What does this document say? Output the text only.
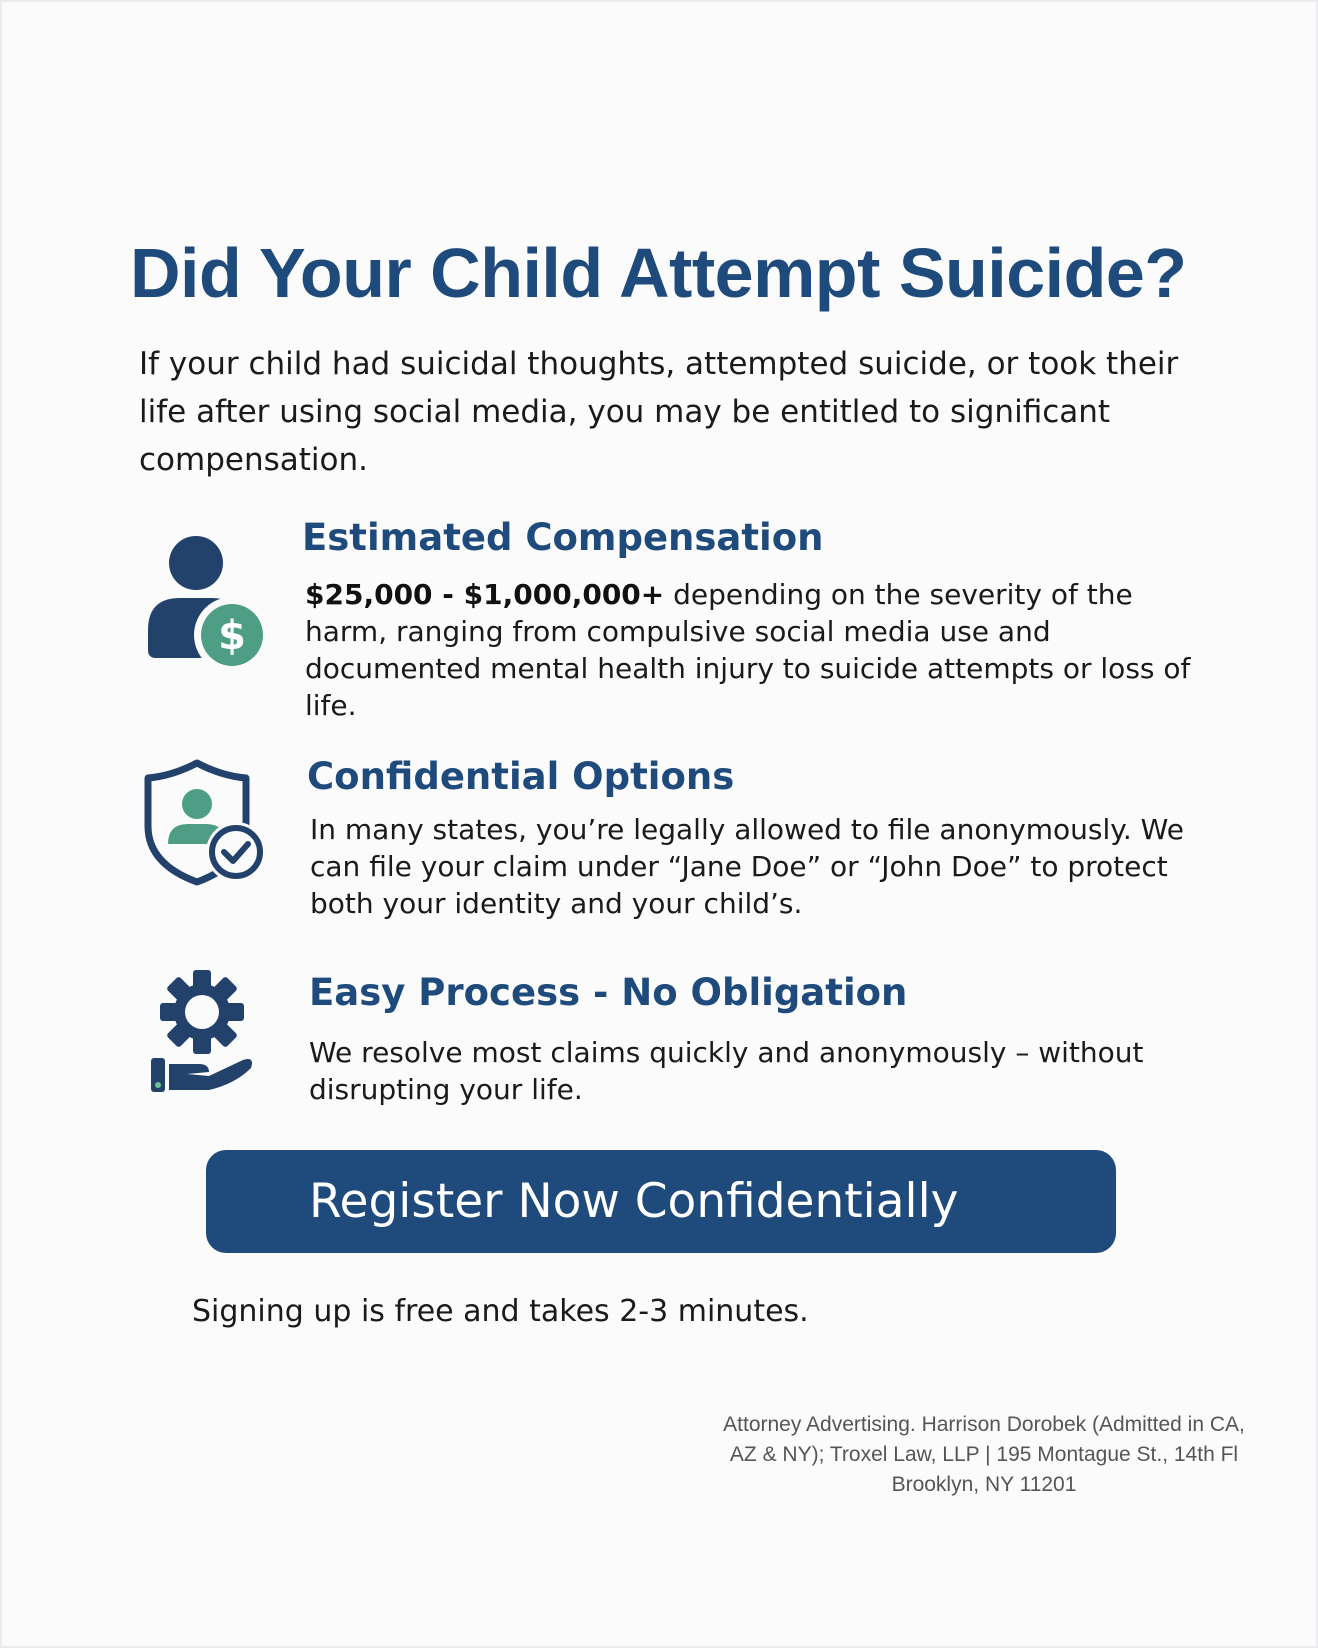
Did Your Child Attempt Suicide?

If your child had suicidal thoughts, attempted suicide, or took their life after using social media, you may be entitled to significant compensation.

$
Estimated Compensation

$25,000 - $1,000,000+ depending on the severity of the harm, ranging from compulsive social media use and documented mental health injury to suicide attempts or loss of life.

Confidential Options

In many states, you’re legally allowed to file anonymously. We can file your claim under “Jane Doe” or “John Doe” to protect both your identity and your child’s.

Easy Process - No Obligation

We resolve most claims quickly and anonymously – without disrupting your life.

Register Now Confidentially

Signing up is free and takes 2-3 minutes.

Attorney Advertising. Harrison Dorobek (Admitted in CA, AZ & NY); Troxel Law, LLP | 195 Montague St., 14th Fl Brooklyn, NY 11201
